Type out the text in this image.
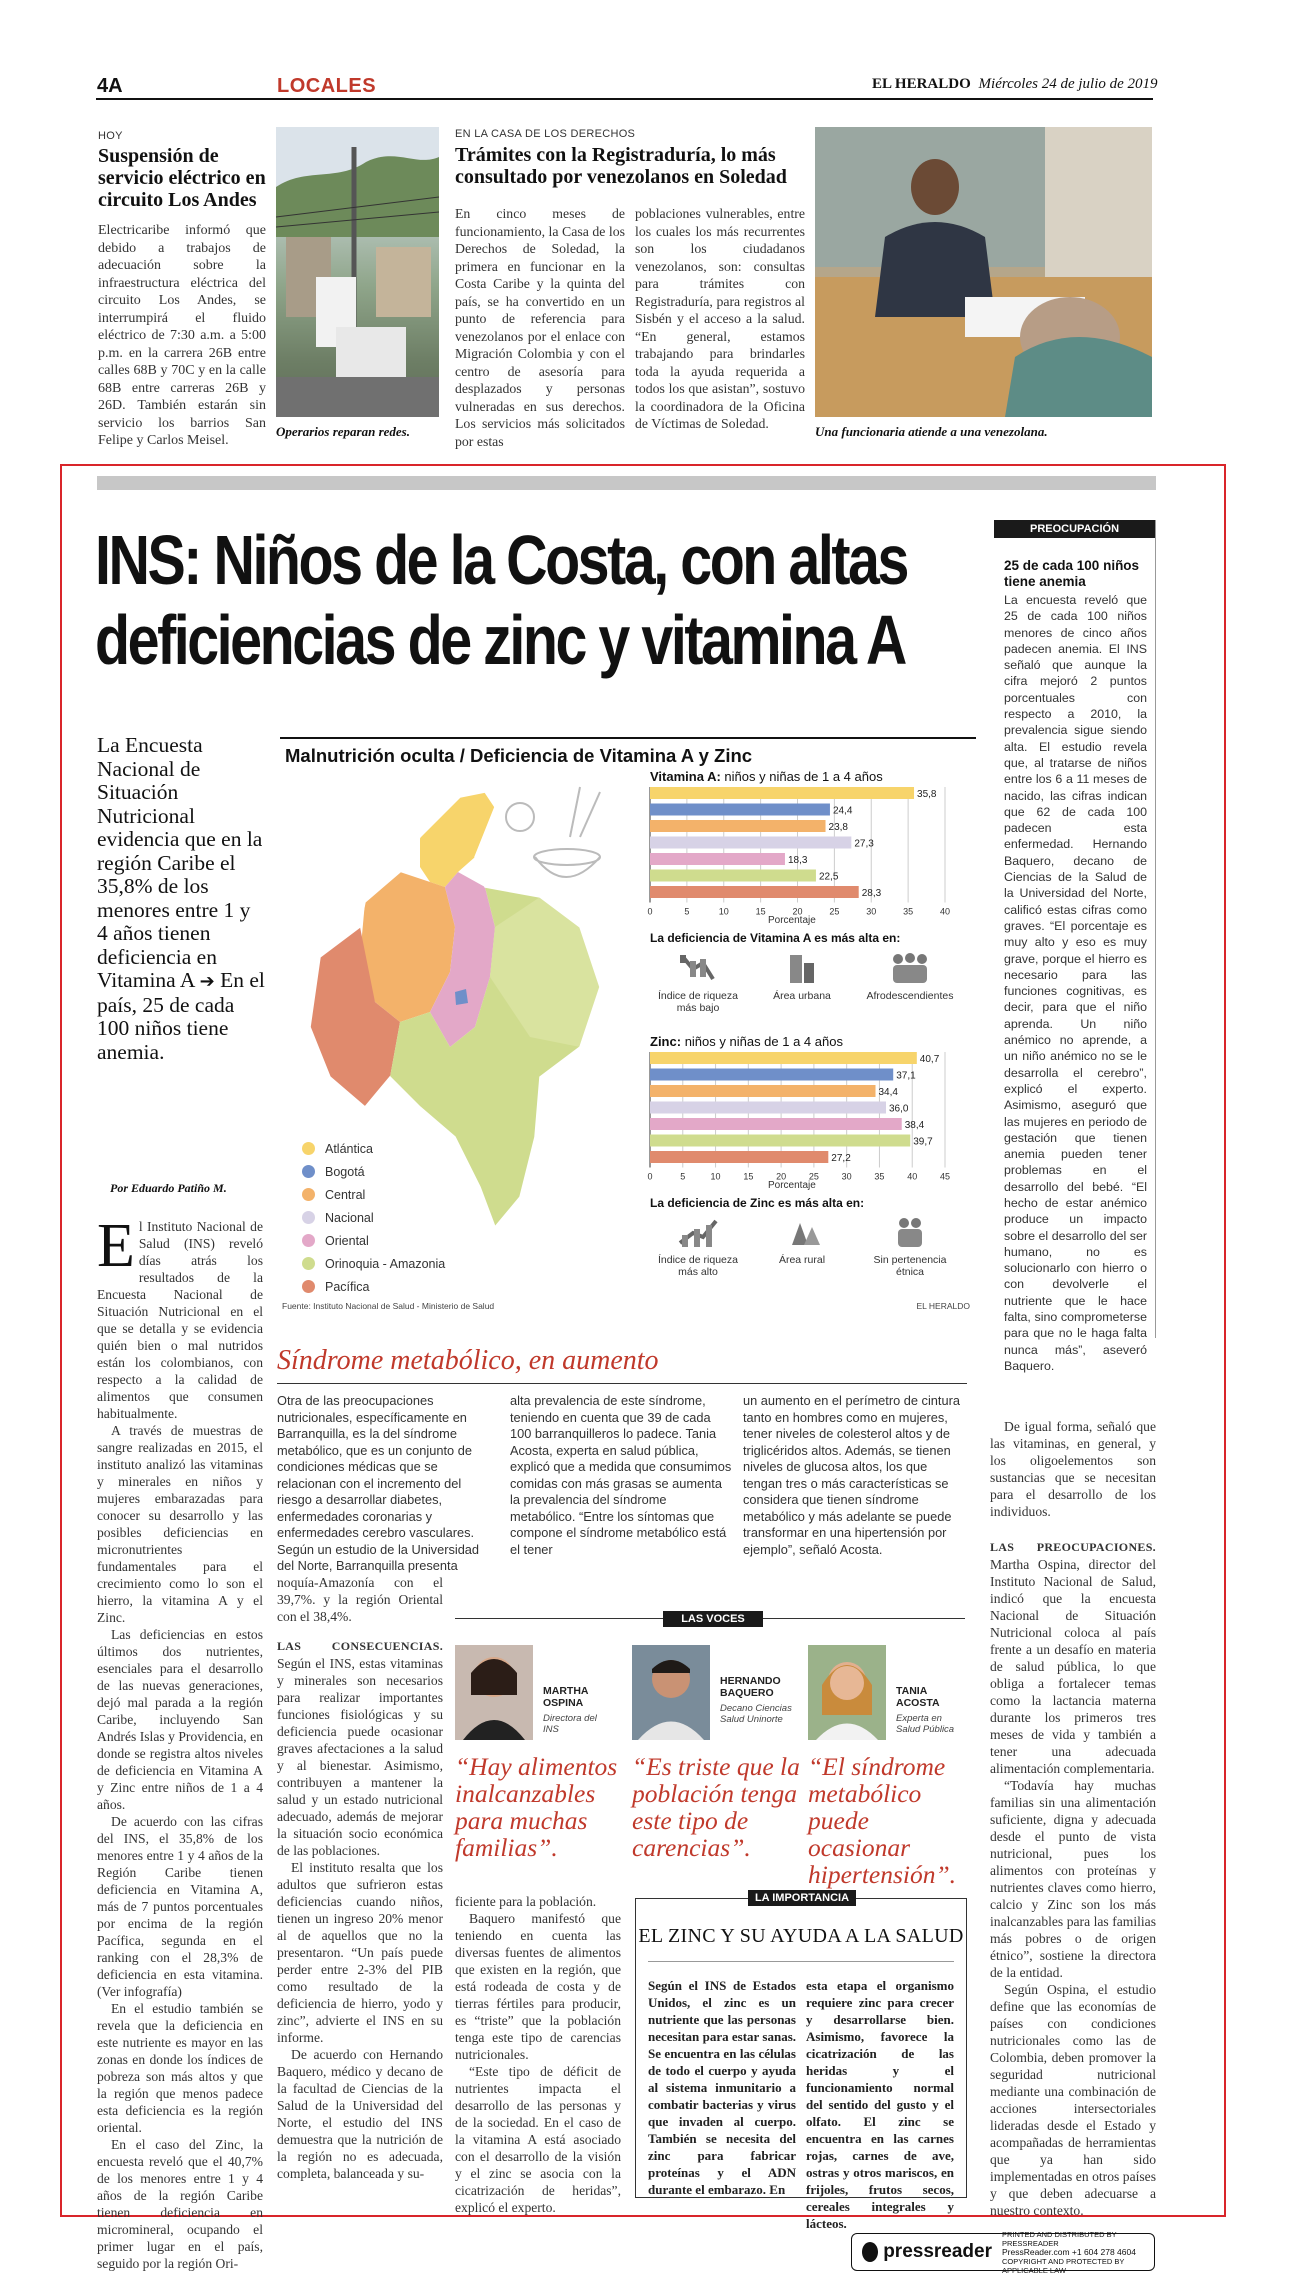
4A	LOCALES	EL HERALDO Miércoles 24 de julio de 2019
HOY
Suspensión de servicio eléctrico en circuito Los Andes

Electricaribe informó que debido a trabajos de adecuación sobre la infraestructura eléctrica del circuito Los Andes, se interrumpirá el fluido eléctrico de 7:30 a.m. a 5:00 p.m. en la carrera 26B entre calles 68B y 70C y en la calle 68B entre carreras 26B y 26D. También estarán sin servicio los barrios San Felipe y Carlos Meisel.

Operarios reparan redes.
EN LA CASA DE LOS DERECHOS
Trámites con la Registraduría, lo más consultado por venezolanos en Soledad

En cinco meses de funcionamiento, la Casa de los Derechos de Soledad, la primera en funcionar en la Costa Caribe y la quinta del país, se ha convertido en un punto de referencia para venezolanos por el enlace con Migración Colombia y con el centro de asesoría para desplazados y personas vulneradas en sus derechos. Los servicios más solicitados por estas

poblaciones vulnerables, entre los cuales los más recurrentes son los ciudadanos venezolanos, son: consultas para trámites con Registraduría, para registros al Sisbén y el acceso a la salud. “En general, estamos trabajando para brindarles toda la ayuda requerida a todos los que asistan”, sostuvo la coordinadora de la Oficina de Víctimas de Soledad.

Una funcionaria atiende a una venezolana.
INS: Niños de la Costa, con altas
deficiencias de zinc y vitamina A
PREOCUPACIÓN
25 de cada 100 niños tiene anemia

La encuesta reveló que 25 de cada 100 niños menores de cinco años padecen anemia. El INS señaló que aunque la cifra mejoró 2 puntos porcentuales con respecto a 2010, la prevalencia sigue siendo alta. El estudio revela que, al tratarse de niños entre los 6 a 11 meses de nacido, las cifras indican que 62 de cada 100 padecen esta enfermedad. Hernando Baquero, decano de Ciencias de la Salud de la Universidad del Norte, calificó estas cifras como graves. “El porcentaje es muy alto y eso es muy grave, porque el hierro es necesario para las funciones cognitivas, es decir, para que el niño aprenda. Un niño anémico no aprende, a un niño anémico no se le desarrolla el cerebro”, explicó el experto. Asimismo, aseguró que las mujeres en periodo de gestación que tienen anemia pueden tener problemas en el desarrollo del bebé. “El hecho de estar anémico produce un impacto sobre el desarrollo del ser humano, no es solucionarlo con hierro o con devolverle el nutriente que le hace falta, sino comprometerse para que no le haga falta nunca más”, aseveró Baquero.

La Encuesta Nacional de Situación Nutricional evidencia que en la región Caribe el 35,8% de los menores entre 1 y 4 años tienen deficiencia en Vitamina A ➔ En el país, 25 de cada 100 niños tiene anemia.
Por Eduardo Patiño M.
Malnutrición oculta / Deficiencia de Vitamina A y Zinc
Atlántica
Bogotá
Central
Nacional
Oriental
Orinoquia - Amazonia
Pacífica
Vitamina A: niños y niñas de 1 a 4 años
0	5	10	15	20	25	30	35	40
35,8
24,4
23,8
27,3
18,3
22,5
28,3
Porcentaje
La deficiencia de Vitamina A es más alta en:
Índice de riqueza más bajo
Área urbana	Afrodescendientes
Zinc: niños y niñas de 1 a 4 años
0	5	10	15	20	25	30	35	40	45
40,7
37,1
34,4
36,0
38,4
39,7
27,2
Porcentaje
La deficiencia de Zinc es más alta en:
Índice de riqueza más alto
Área rural	Sin pertenencia étnica
Fuente: Instituto Nacional de Salud - Ministerio de Salud	EL HERALDO

E l Instituto Nacional de Salud (INS) reveló días atrás los resultados de la Encuesta Nacional de Situación Nutricional en el que se detalla y se evidencia quién bien o mal nutridos están los colombianos, con respecto a la calidad de alimentos que consumen habitualmente.

A través de muestras de sangre realizadas en 2015, el instituto analizó las vitaminas y minerales en niños y mujeres embarazadas para conocer su desarrollo y las posibles deficiencias en micronutrientes fundamentales para el crecimiento como lo son el hierro, la vitamina A y el Zinc.

Las deficiencias en estos últimos dos nutrientes, esenciales para el desarrollo de las nuevas generaciones, dejó mal parada a la región Caribe, incluyendo San Andrés Islas y Providencia, en donde se registra altos niveles de deficiencia en Vitamina A y Zinc entre niños de 1 a 4 años.

De acuerdo con las cifras del INS, el 35,8% de los menores entre 1 y 4 años de la Región Caribe tienen deficiencia en Vitamina A, más de 7 puntos porcentuales por encima de la región Pacífica, segunda en el ranking con el 28,3% de deficiencia en esta vitamina. (Ver infografía)

En el estudio también se revela que la deficiencia en este nutriente es mayor en las zonas en donde los índices de pobreza son más altos y que la región que menos padece esta deficiencia es la región oriental.

En el caso del Zinc, la encuesta reveló que el 40,7% de los menores entre 1 y 4 años de la región Caribe tienen deficiencia en micromineral, ocupando el primer lugar en el país, seguido por la región Ori-

Síndrome metabólico, en aumento

Otra de las preocupaciones nutricionales, específicamente en Barranquilla, es la del síndrome metabólico, que es un conjunto de condiciones médicas que se relacionan con el incremento del riesgo a desarrollar diabetes, enfermedades coronarias y enfermedades cerebro vasculares. Según un estudio de la Universidad del Norte, Barranquilla presenta

alta prevalencia de este síndrome, teniendo en cuenta que 39 de cada 100 barranquilleros lo padece. Tania Acosta, experta en salud pública, explicó que a medida que consumimos comidas con más grasas se aumenta la prevalencia del síndrome metabólico. “Entre los síntomas que compone el síndrome metabólico está el tener

un aumento en el perímetro de cintura tanto en hombres como en mujeres, tener niveles de colesterol altos y de triglicéridos altos. Además, se tienen niveles de glucosa altos, los que tengan tres o más características se considera que tienen síndrome metabólico y más adelante se puede transformar en una hipertensión por ejemplo”, señaló Acosta.

noquía-Amazonía con el 39,7%. y la región Oriental con el 38,4%.

LAS CONSECUENCIAS. Según el INS, estas vitaminas y minerales son necesarios para realizar importantes funciones fisiológicas y su deficiencia puede ocasionar graves afectaciones a la salud y al bienestar. Asimismo, contribuyen a mantener la salud y un estado nutricional adecuado, además de mejorar la situación socio económica de las poblaciones.

El instituto resalta que los adultos que sufrieron estas deficiencias cuando niños, tienen un ingreso 20% menor al de aquellos que no la presentaron. “Un país puede perder entre 2-3% del PIB como resultado de la deficiencia de hierro, yodo y zinc”, advierte el INS en su informe.

De acuerdo con Hernando Baquero, médico y decano de la facultad de Ciencias de la Salud de la Universidad del Norte, el estudio del INS demuestra que la nutrición de la región no es adecuada, completa, balanceada y su-

LAS VOCES
MARTHA OSPINA
Directora del INS
“Hay alimentos inalcanzables para muchas familias”.
HERNANDO BAQUERO
Decano Ciencias Salud Uninorte
“Es triste que la población tenga este tipo de carencias”.
TANIA ACOSTA
Experta en Salud Pública
“El síndrome metabólico puede ocasionar hipertensión”.

ficiente para la población.

Baquero manifestó que teniendo en cuenta las diversas fuentes de alimentos que existen en la región, que está rodeada de costa y de tierras fértiles para producir, es “triste” que la población tenga este tipo de carencias nutricionales.

“Este tipo de déficit de nutrientes impacta el desarrollo de las personas y de la sociedad. En el caso de la vitamina A está asociado con el desarrollo de la visión y el zinc se asocia con la cicatrización de heridas”, explicó el experto.

LA IMPORTANCIA
EL ZINC Y SU AYUDA A LA SALUD

Según el INS de Estados Unidos, el zinc es un nutriente que las personas necesitan para estar sanas. Se encuentra en las células de todo el cuerpo y ayuda al sistema inmunitario a combatir bacterias y virus que invaden al cuerpo. También se necesita del zinc para fabricar proteínas y el ADN durante el embarazo. En

esta etapa el organismo requiere zinc para crecer y desarrollarse bien. Asimismo, favorece la cicatrización de las heridas y el funcionamiento normal del sentido del gusto y el olfato. El zinc se encuentra en las carnes rojas, carnes de ave, ostras y otros mariscos, en frijoles, frutos secos, cereales integrales y lácteos.

De igual forma, señaló que las vitaminas, en general, y los oligoelementos son sustancias que se necesitan para el desarrollo de los individuos.

LAS PREOCUPACIONES. Martha Ospina, director del Instituto Nacional de Salud, indicó que la encuesta Nacional de Situación Nutricional coloca al país frente a un desafío en materia de salud pública, lo que obliga a fortalecer temas como la lactancia materna durante los primeros tres meses de vida y también a tener una adecuada alimentación complementaria.

“Todavía hay muchas familias sin una alimentación suficiente, digna y adecuada desde el punto de vista nutricional, pues los alimentos con proteínas y nutrientes claves como hierro, calcio y Zinc son los más inalcanzables para las familias más pobres o de origen étnico”, sostiene la directora de la entidad.

Según Ospina, el estudio define que las economías de países con condiciones nutricionales como las de Colombia, deben promover la seguridad nutricional mediante una combinación de acciones intersectoriales lideradas desde el Estado y acompañadas de herramientas que ya han sido implementadas en otros países y que deben adecuarse a nuestro contexto.

pressreader
PRINTED AND DISTRIBUTED BY PRESSREADER
PressReader.com +1 604 278 4604
COPYRIGHT AND PROTECTED BY APPLICABLE LAW
